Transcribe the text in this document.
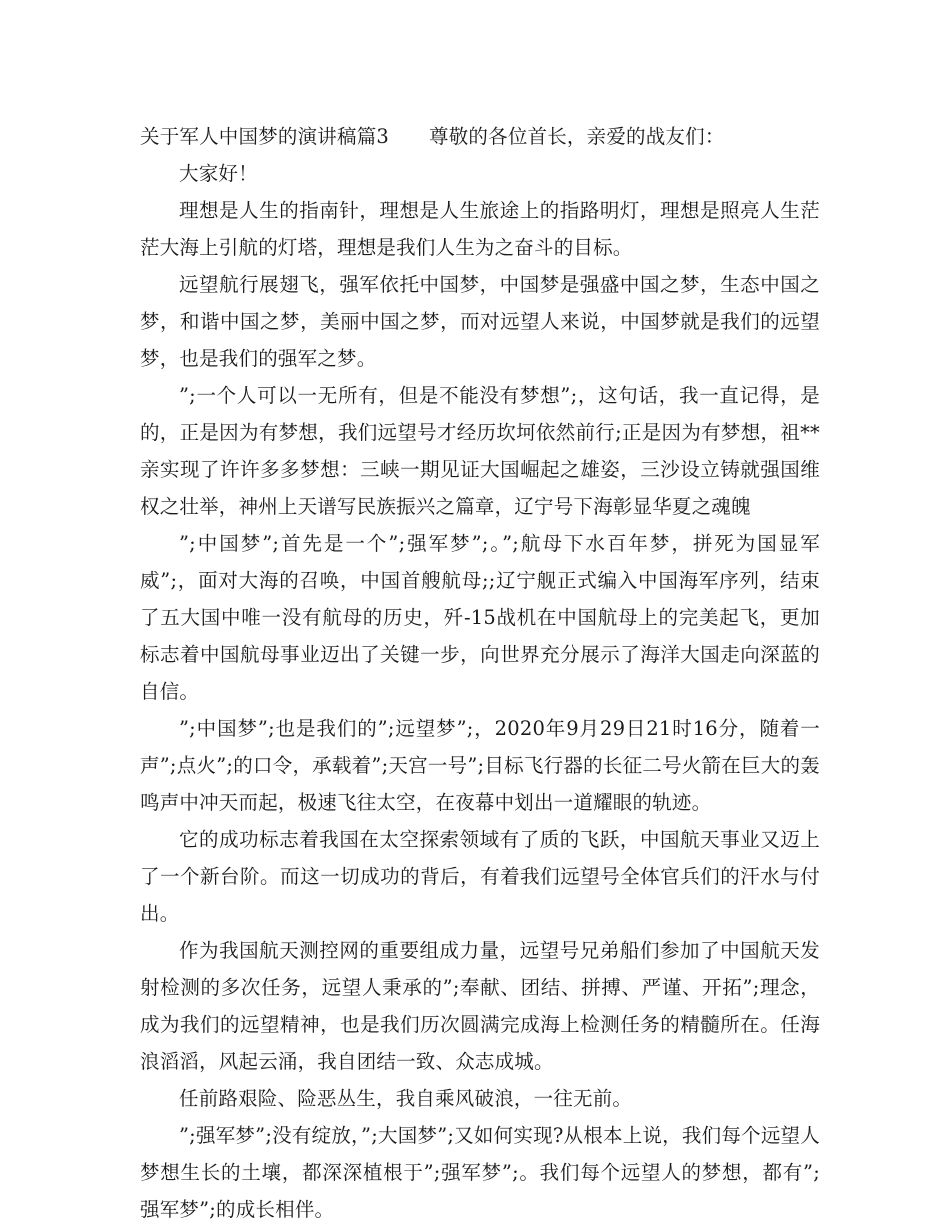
关于军人中国梦的演讲稿篇3 尊敬的各位首长，亲爱的战友们：

大家好！

理想是人生的指南针，理想是人生旅途上的指路明灯，理想是照亮人生茫茫大海上引航的灯塔，理想是我们人生为之奋斗的目标。

远望航行展翅飞，强军依托中国梦，中国梦是强盛中国之梦，生态中国之梦，和谐中国之梦，美丽中国之梦，而对远望人来说，中国梦就是我们的远望梦，也是我们的强军之梦。

”;一个人可以一无所有，但是不能没有梦想”;，这句话，我一直记得，是的，正是因为有梦想，我们远望号才经历坎坷依然前行;正是因为有梦想，祖**亲实现了许许多多梦想：三峡一期见证大国崛起之雄姿，三沙设立铸就强国维权之壮举，神州上天谱写民族振兴之篇章，辽宁号下海彰显华夏之魂魄

”;中国梦”;首先是一个”;强军梦”;。”;航母下水百年梦，拼死为国显军威”;，面对大海的召唤，中国首艘航母;;辽宁舰正式编入中国海军序列，结束了五大国中唯一没有航母的历史，歼-15战机在中国航母上的完美起飞，更加标志着中国航母事业迈出了关键一步，向世界充分展示了海洋大国走向深蓝的自信。

”;中国梦”;也是我们的”;远望梦”;，2020年9月29日21时16分，随着一声”;点火”;的口令，承载着”;天宫一号”;目标飞行器的长征二号火箭在巨大的轰鸣声中冲天而起，极速飞往太空，在夜幕中划出一道耀眼的轨迹。

它的成功标志着我国在太空探索领域有了质的飞跃，中国航天事业又迈上了一个新台阶。而这一切成功的背后，有着我们远望号全体官兵们的汗水与付出。

作为我国航天测控网的重要组成力量，远望号兄弟船们参加了中国航天发射检测的多次任务，远望人秉承的”;奉献、团结、拼搏、严谨、开拓”;理念，成为我们的远望精神，也是我们历次圆满完成海上检测任务的精髓所在。任海浪滔滔，风起云涌，我自团结一致、众志成城。

任前路艰险、险恶丛生，我自乘风破浪，一往无前。

”;强军梦”;没有绽放，”;大国梦”;又如何实现?从根本上说，我们每个远望人梦想生长的土壤，都深深植根于”;强军梦”;。我们每个远望人的梦想，都有”;强军梦”;的成长相伴。
